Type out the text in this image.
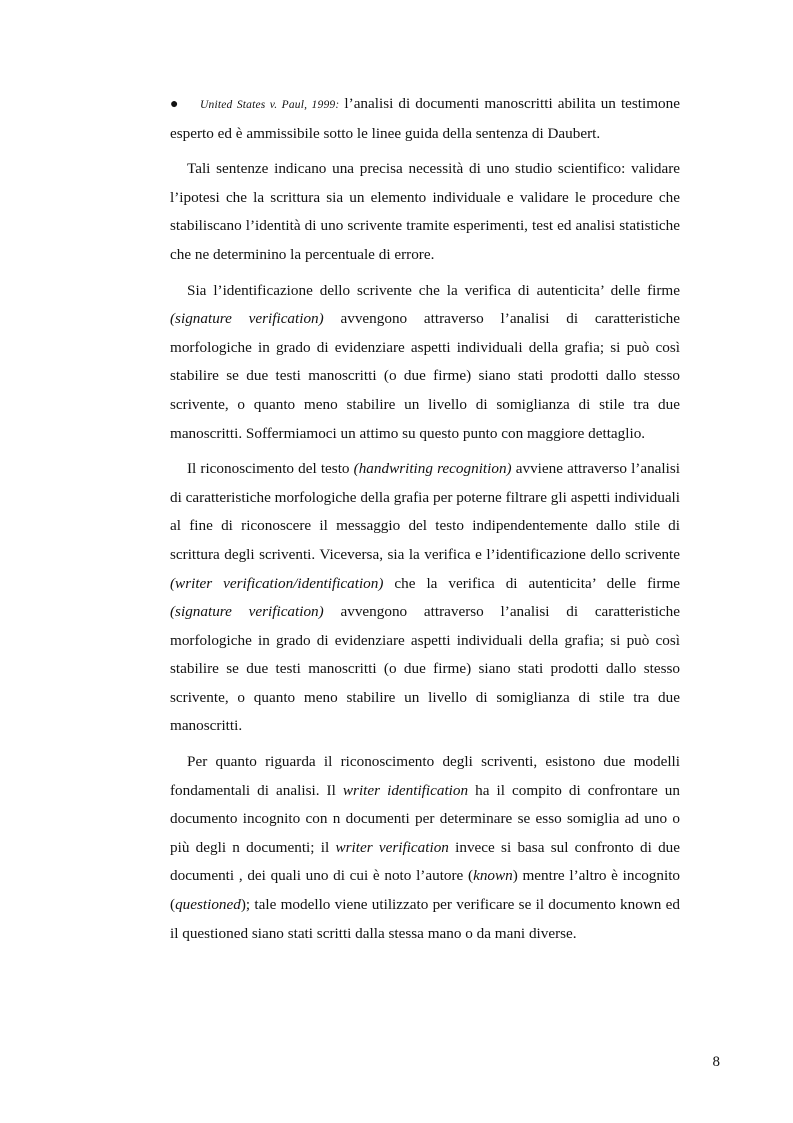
● United States v. Paul, 1999: l’analisi di documenti manoscritti abilita un testimone esperto ed è ammissibile sotto le linee guida della sentenza di Daubert.

Tali sentenze indicano una precisa necessità di uno studio scientifico: validare l’ipotesi che la scrittura sia un elemento individuale e validare le procedure che stabiliscano l’identità di uno scrivente tramite esperimenti, test ed analisi statistiche che ne determinino la percentuale di errore.

Sia l’identificazione dello scrivente che la verifica di autenticita’ delle firme (signature verification) avvengono attraverso l’analisi di caratteristiche morfologiche in grado di evidenziare aspetti individuali della grafia; si può così stabilire se due testi manoscritti (o due firme) siano stati prodotti dallo stesso scrivente, o quanto meno stabilire un livello di somiglianza di stile tra due manoscritti. Soffermiamoci un attimo su questo punto con maggiore dettaglio.

Il riconoscimento del testo (handwriting recognition) avviene attraverso l’analisi di caratteristiche morfologiche della grafia per poterne filtrare gli aspetti individuali al fine di riconoscere il messaggio del testo indipendentemente dallo stile di scrittura degli scriventi. Viceversa, sia la verifica e l’identificazione dello scrivente (writer verification/identification) che la verifica di autenticita’ delle firme (signature verification) avvengono attraverso l’analisi di caratteristiche morfologiche in grado di evidenziare aspetti individuali della grafia; si può così stabilire se due testi manoscritti (o due firme) siano stati prodotti dallo stesso scrivente, o quanto meno stabilire un livello di somiglianza di stile tra due manoscritti.

Per quanto riguarda il riconoscimento degli scriventi, esistono due modelli fondamentali di analisi. Il writer identification ha il compito di confrontare un documento incognito con n documenti per determinare se esso somiglia ad uno o più degli n documenti; il writer verification invece si basa sul confronto di due documenti , dei quali uno di cui è noto l’autore (known) mentre l’altro è incognito (questioned); tale modello viene utilizzato per verificare se il documento known ed il questioned siano stati scritti dalla stessa mano o da mani diverse.

8
